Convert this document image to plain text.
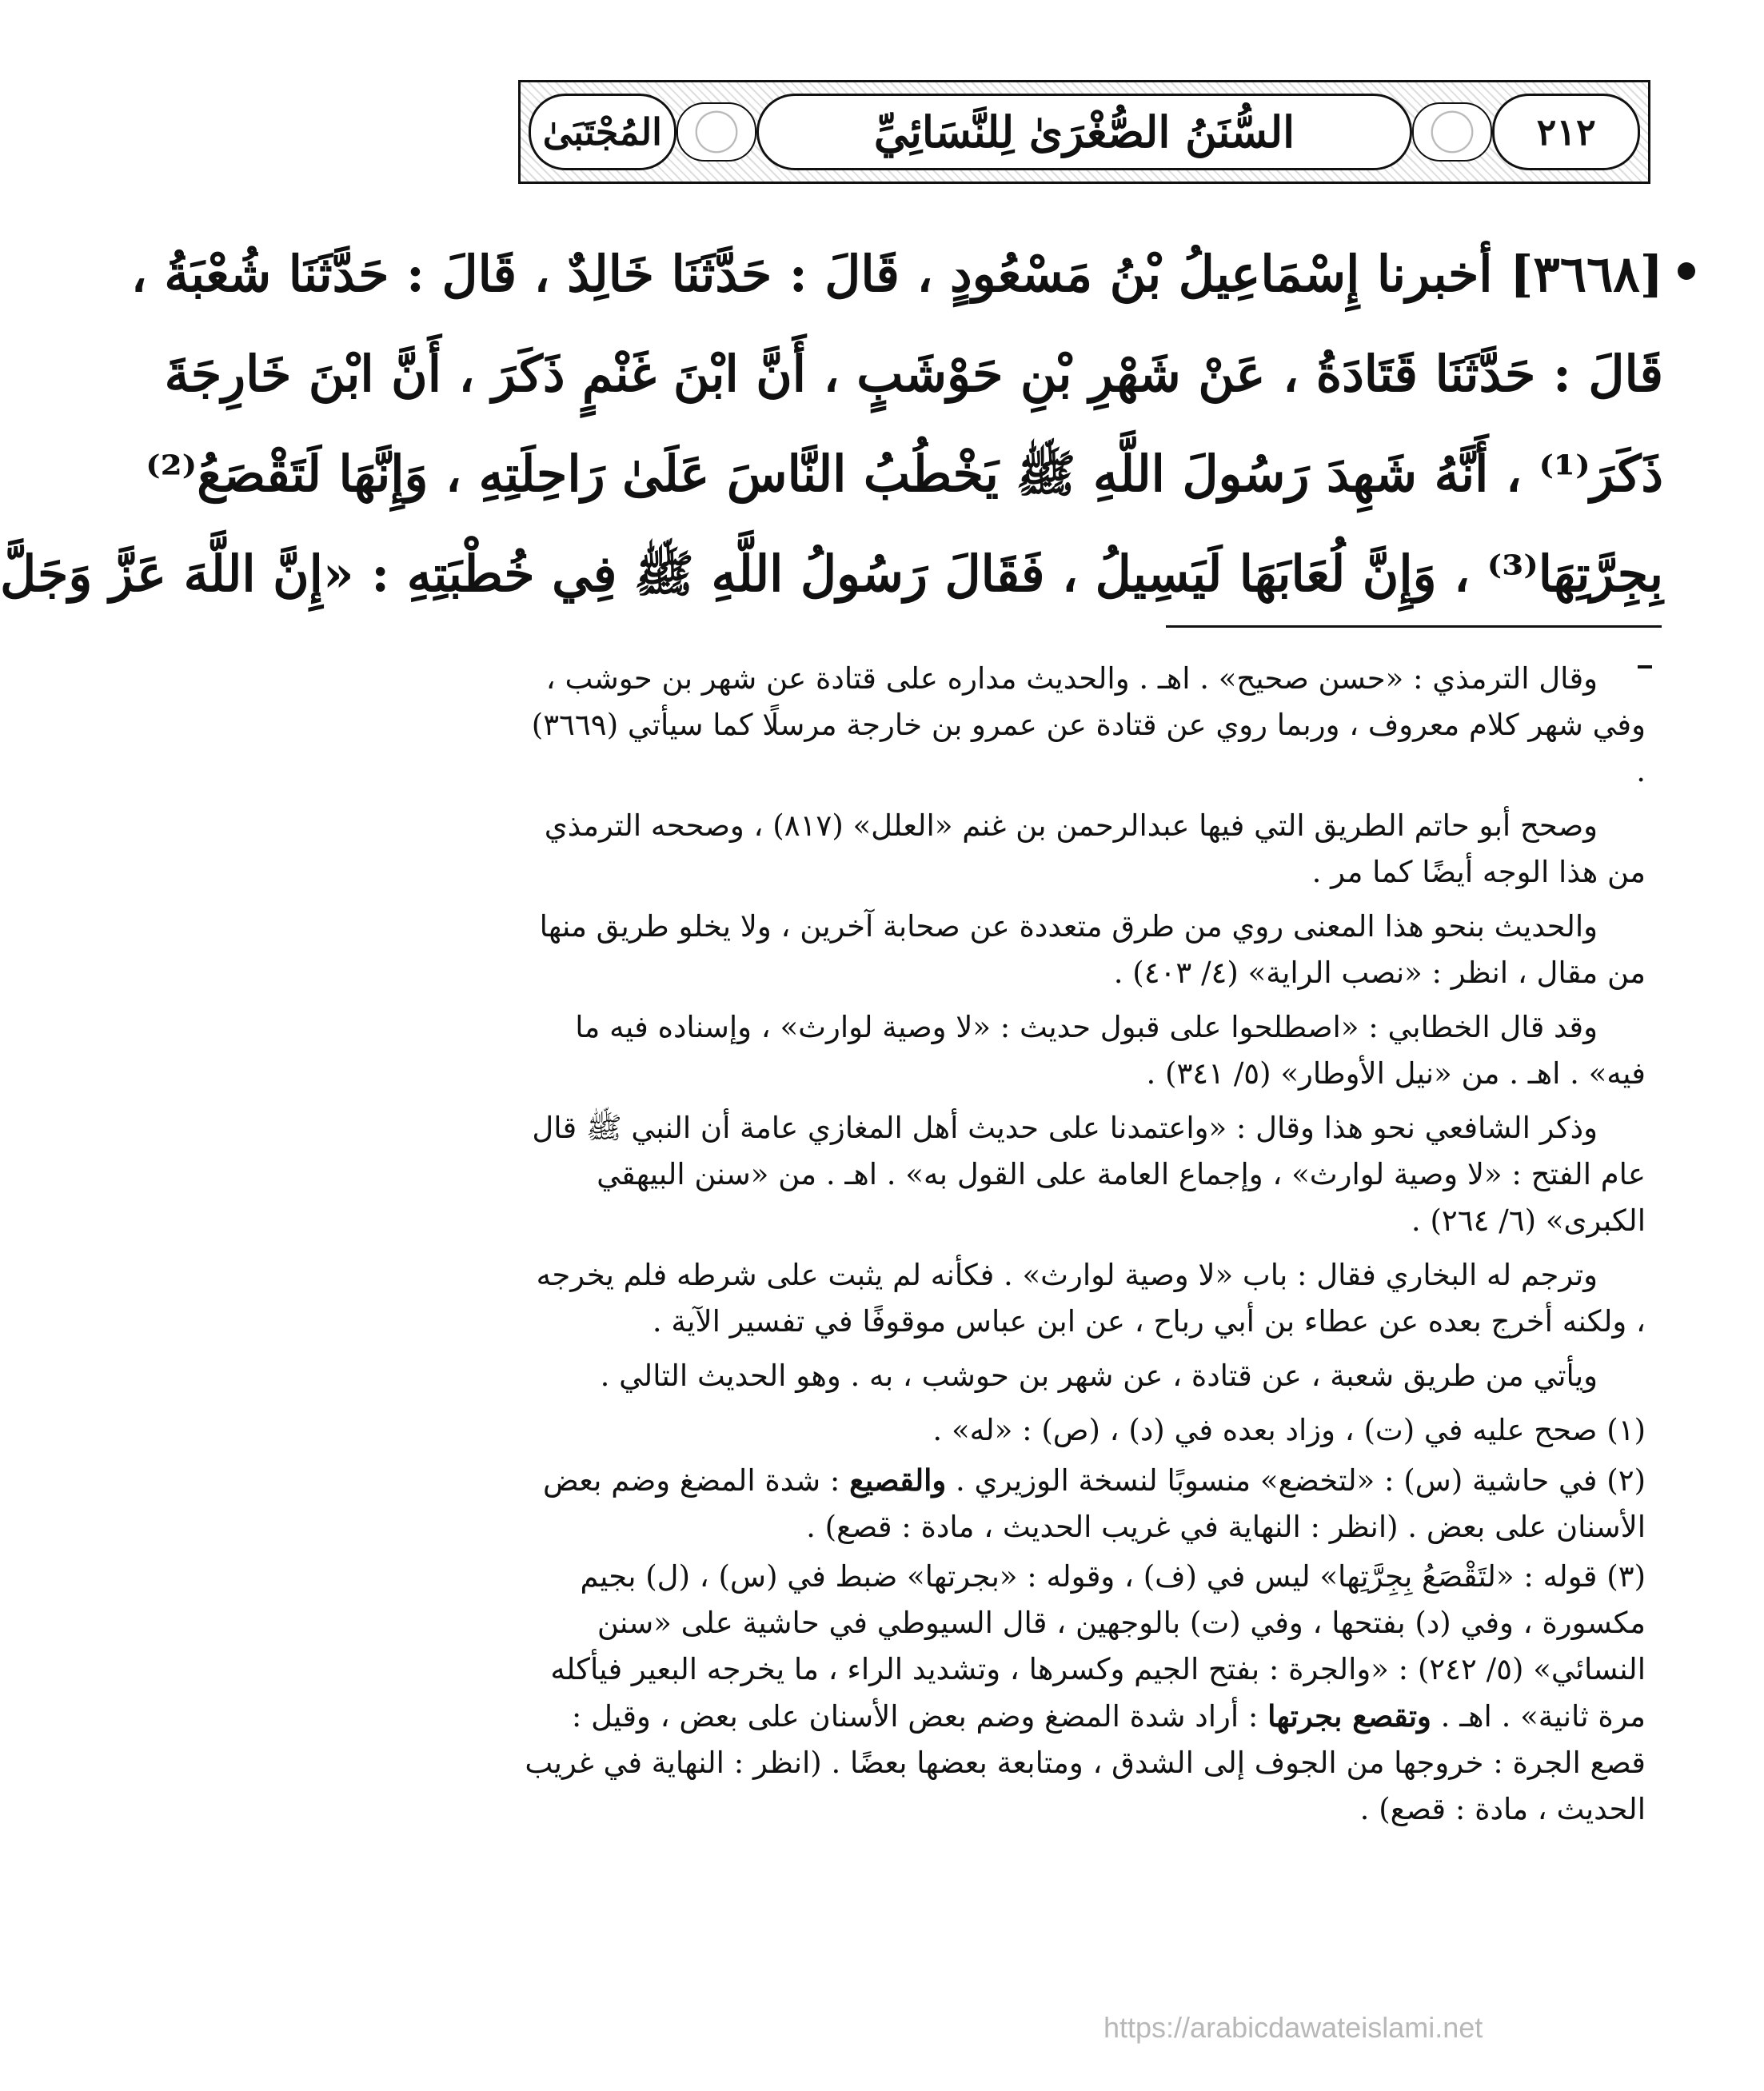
٢١٢
السُّنَنُ الصُّغْرَىٰ لِلنَّسَائِيِّ
المُجْتَبَىٰ
[٣٦٦٨] أخبرنا إِسْمَاعِيلُ بْنُ مَسْعُودٍ ، قَالَ : حَدَّثَنَا خَالِدٌ ، قَالَ : حَدَّثَنَا شُعْبَةُ ،
قَالَ : حَدَّثَنَا قَتَادَةُ ، عَنْ شَهْرِ بْنِ حَوْشَبٍ ، أَنَّ ابْنَ غَنْمٍ ذَكَرَ ، أَنَّ ابْنَ خَارِجَةَ
ذَكَرَ⁽¹⁾ ، أَنَّهُ شَهِدَ رَسُولَ اللَّهِ ﷺ يَخْطُبُ النَّاسَ عَلَىٰ رَاحِلَتِهِ ، وَإِنَّهَا لَتَقْصَعُ⁽²⁾
بِجِرَّتِهَا⁽³⁾ ، وَإِنَّ لُعَابَهَا لَيَسِيلُ ، فَقَالَ رَسُولُ اللَّهِ ﷺ فِي خُطْبَتِهِ : «إِنَّ اللَّهَ عَزَّ وَجَلَّ

وقال الترمذي : «حسن صحيح» . اهـ . والحديث مداره على قتادة عن شهر بن حوشب ، وفي شهر كلام معروف ، وربما روي عن قتادة عن عمرو بن خارجة مرسلًا كما سيأتي (٣٦٦٩) .

وصحح أبو حاتم الطريق التي فيها عبدالرحمن بن غنم «العلل» (٨١٧) ، وصححه الترمذي من هذا الوجه أيضًا كما مر .

والحديث بنحو هذا المعنى روي من طرق متعددة عن صحابة آخرين ، ولا يخلو طريق منها من مقال ، انظر : «نصب الراية» (٤/ ٤٠٣) .

وقد قال الخطابي : «اصطلحوا على قبول حديث : «لا وصية لوارث» ، وإسناده فيه ما فيه» . اهـ . من «نيل الأوطار» (٥/ ٣٤١) .

وذكر الشافعي نحو هذا وقال : «واعتمدنا على حديث أهل المغازي عامة أن النبي ﷺ قال عام الفتح : «لا وصية لوارث» ، وإجماع العامة على القول به» . اهـ . من «سنن البيهقي الكبرى» (٦/ ٢٦٤) .

وترجم له البخاري فقال : باب «لا وصية لوارث» . فكأنه لم يثبت على شرطه فلم يخرجه ، ولكنه أخرج بعده عن عطاء بن أبي رباح ، عن ابن عباس موقوفًا في تفسير الآية .

ويأتي من طريق شعبة ، عن قتادة ، عن شهر بن حوشب ، به . وهو الحديث التالي .

(١) صحح عليه في (ت) ، وزاد بعده في (د) ، (ص) : «له» .

(٢) في حاشية (س) : «لتخضع» منسوبًا لنسخة الوزيري . والقصيع : شدة المضغ وضم بعض الأسنان على بعض . (انظر : النهاية في غريب الحديث ، مادة : قصع) .

(٣) قوله : «لتَقْصَعُ بِجِرَّتِها» ليس في (ف) ، وقوله : «بجرتها» ضبط في (س) ، (ل) بجيم مكسورة ، وفي (د) بفتحها ، وفي (ت) بالوجهين ، قال السيوطي في حاشية على «سنن النسائي» (٥/ ٢٤٢) : «والجرة : بفتح الجيم وكسرها ، وتشديد الراء ، ما يخرجه البعير فيأكله مرة ثانية» . اهـ . وتقصع بجرتها : أراد شدة المضغ وضم بعض الأسنان على بعض ، وقيل : قصع الجرة : خروجها من الجوف إلى الشدق ، ومتابعة بعضها بعضًا . (انظر : النهاية في غريب الحديث ، مادة : قصع) .

https://arabicdawateislami.net
